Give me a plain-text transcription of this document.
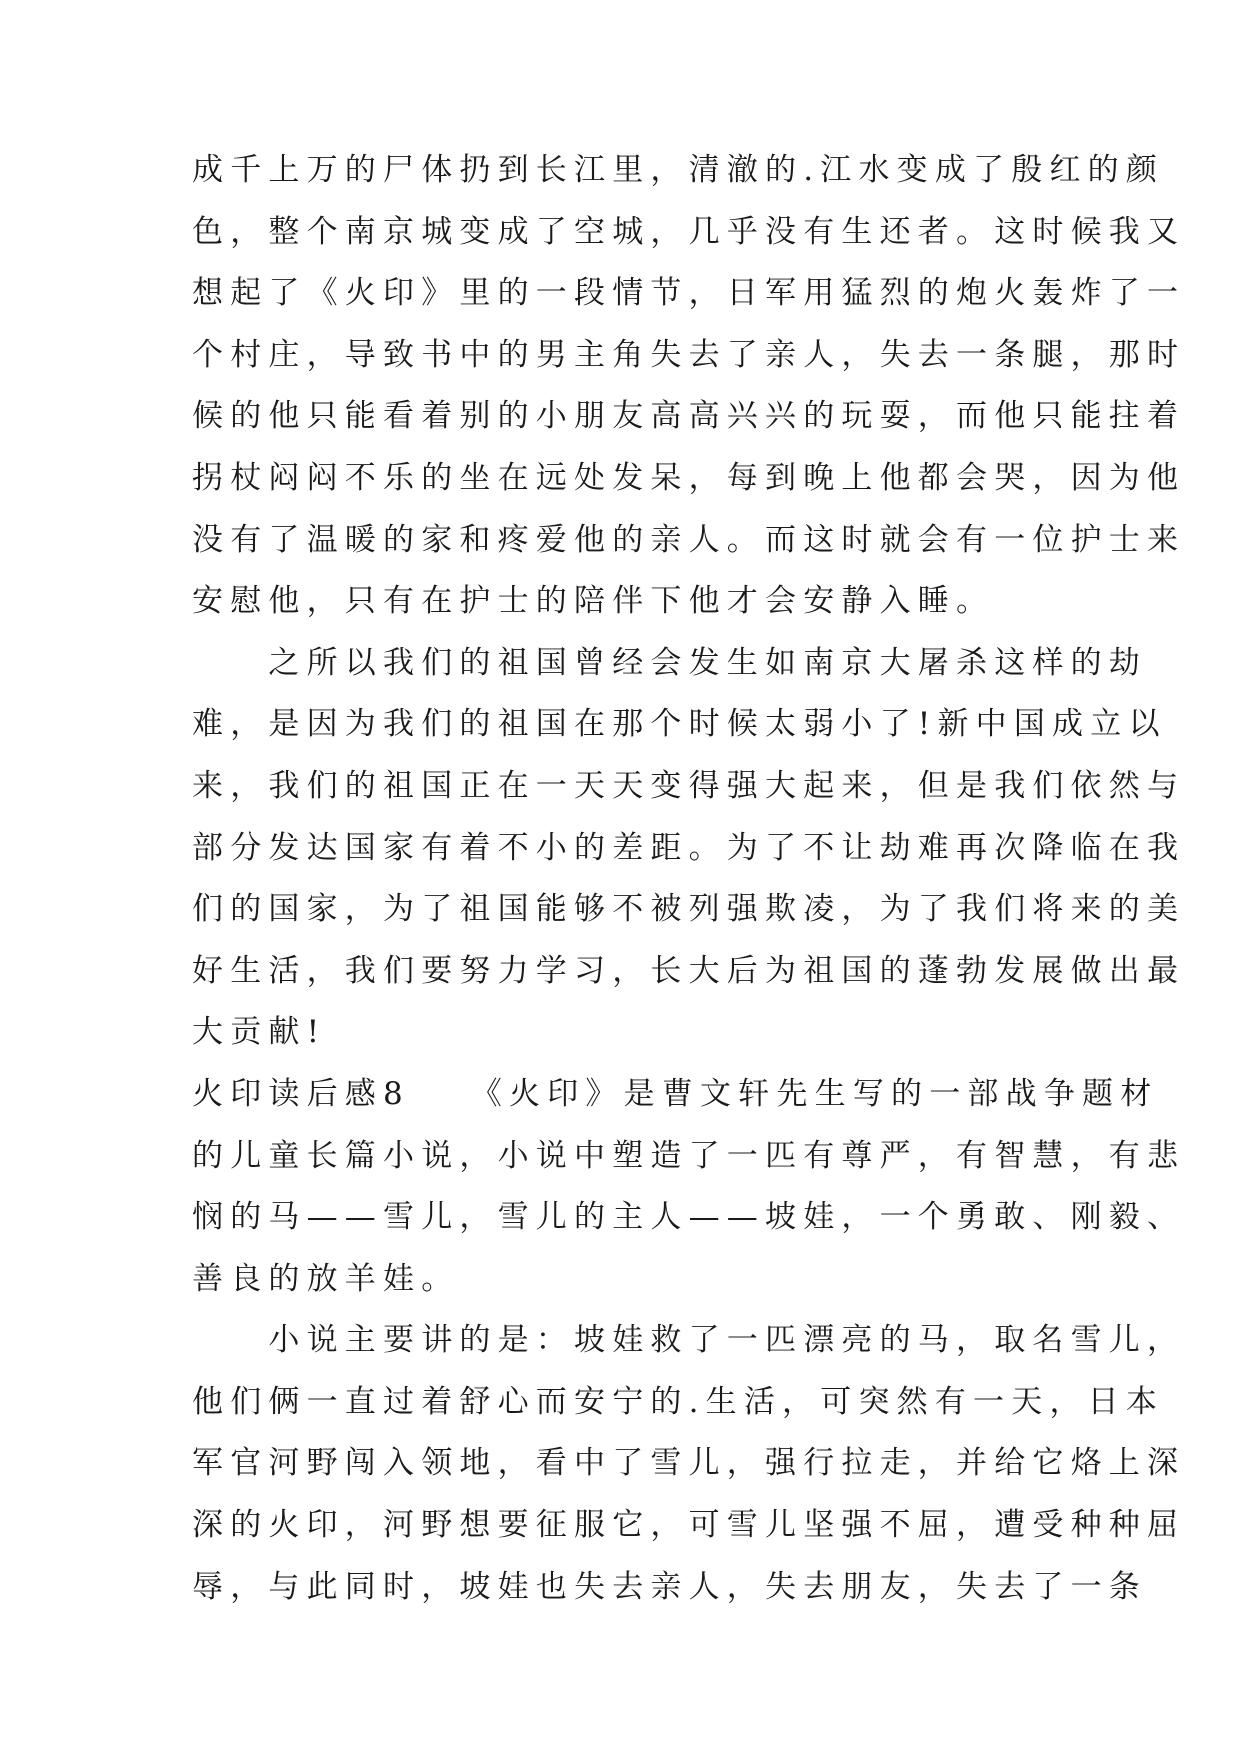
成千上万的尸体扔到长江里，清澈的.江水变成了殷红的颜
色，整个南京城变成了空城，几乎没有生还者。这时候我又
想起了《火印》里的一段情节，日军用猛烈的炮火轰炸了一
个村庄，导致书中的男主角失去了亲人，失去一条腿，那时
候的他只能看着别的小朋友高高兴兴的玩耍，而他只能拄着
拐杖闷闷不乐的坐在远处发呆，每到晚上他都会哭，因为他
没有了温暖的家和疼爱他的亲人。而这时就会有一位护士来
安慰他，只有在护士的陪伴下他才会安静入睡。
　　之所以我们的祖国曾经会发生如南京大屠杀这样的劫
难，是因为我们的祖国在那个时候太弱小了!新中国成立以
来，我们的祖国正在一天天变得强大起来，但是我们依然与
部分发达国家有着不小的差距。为了不让劫难再次降临在我
们的国家，为了祖国能够不被列强欺凌，为了我们将来的美
好生活，我们要努力学习，长大后为祖国的蓬勃发展做出最
大贡献!
火印读后感8　　《火印》是曹文轩先生写的一部战争题材
的儿童长篇小说，小说中塑造了一匹有尊严，有智慧，有悲
悯的马——雪儿，雪儿的主人——坡娃，一个勇敢、刚毅、
善良的放羊娃。
　　小说主要讲的是：坡娃救了一匹漂亮的马，取名雪儿，
他们俩一直过着舒心而安宁的.生活，可突然有一天，日本
军官河野闯入领地，看中了雪儿，强行拉走，并给它烙上深
深的火印，河野想要征服它，可雪儿坚强不屈，遭受种种屈
辱，与此同时，坡娃也失去亲人，失去朋友，失去了一条
